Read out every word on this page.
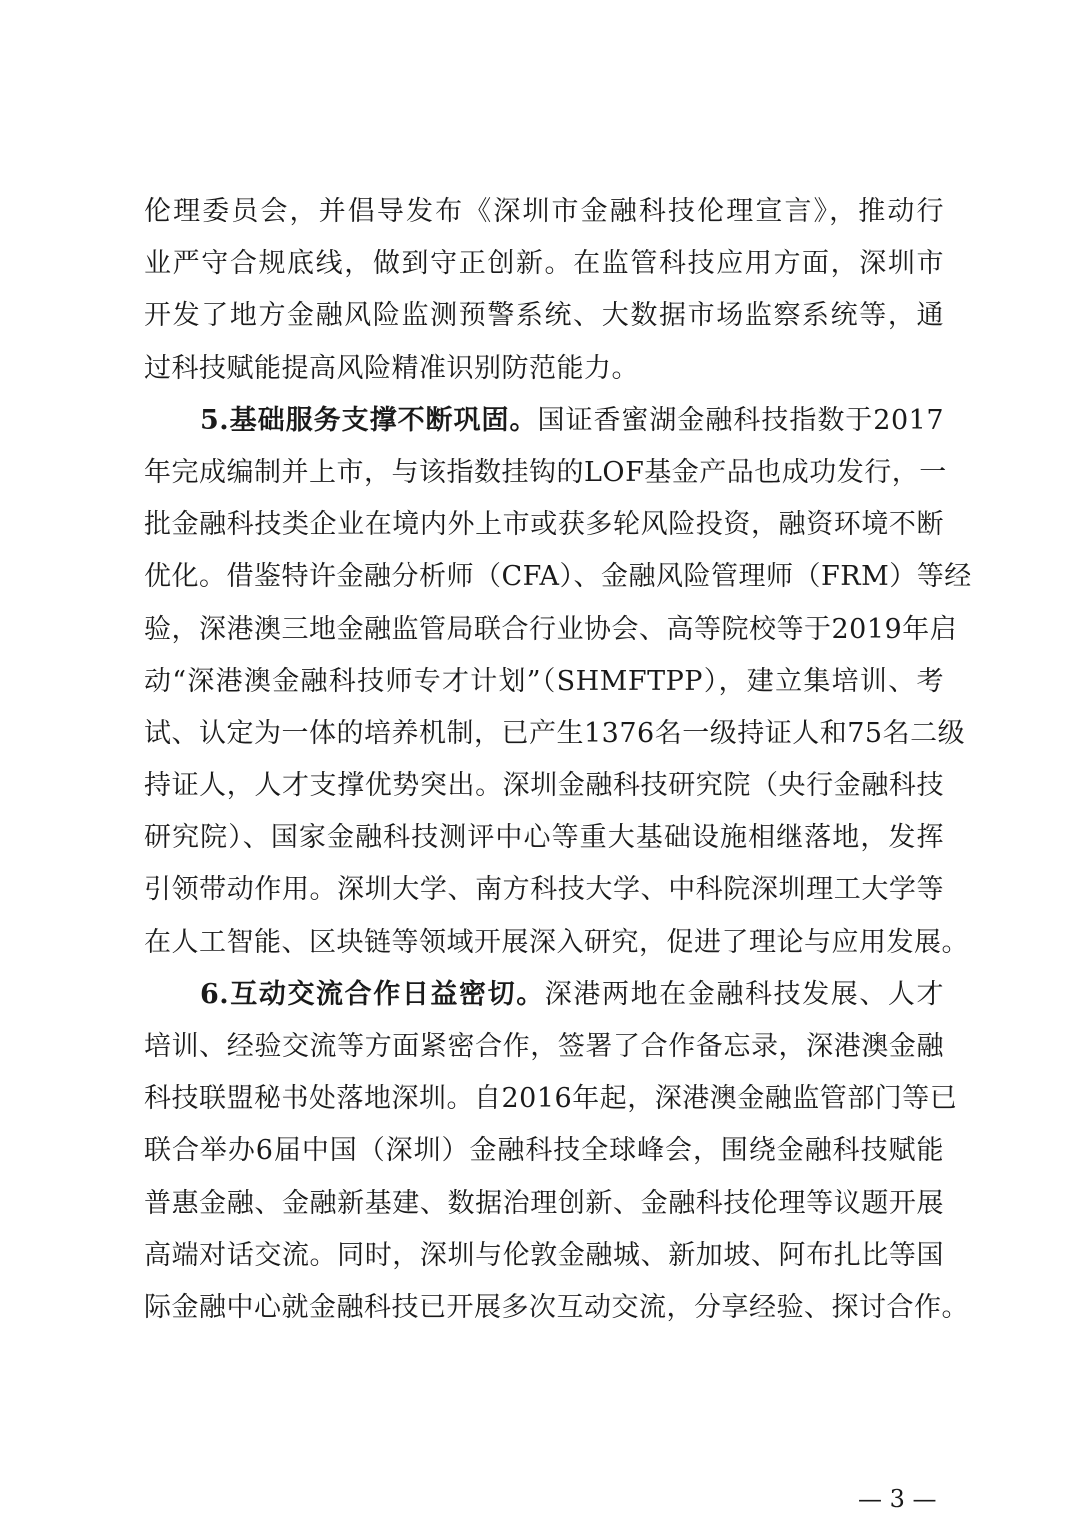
伦理委员会，并倡导发布《深圳市金融科技伦理宣言》，推动行
业严守合规底线，做到守正创新。在监管科技应用方面，深圳市
开发了地方金融风险监测预警系统、大数据市场监察系统等，通
过科技赋能提高风险精准识别防范能力。
5.基础服务支撑不断巩固。国证香蜜湖金融科技指数于2017
年完成编制并上市，与该指数挂钩的LOF基金产品也成功发行，一
批金融科技类企业在境内外上市或获多轮风险投资，融资环境不断
优化。借鉴特许金融分析师（CFA）、金融风险管理师（FRM）等经
验，深港澳三地金融监管局联合行业协会、高等院校等于2019年启
动“深港澳金融科技师专才计划”（SHMFTPP），建立集培训、考
试、认定为一体的培养机制，已产生1376名一级持证人和75名二级
持证人，人才支撑优势突出。深圳金融科技研究院（央行金融科技
研究院）、国家金融科技测评中心等重大基础设施相继落地，发挥
引领带动作用。深圳大学、南方科技大学、中科院深圳理工大学等
在人工智能、区块链等领域开展深入研究，促进了理论与应用发展。
6.互动交流合作日益密切。深港两地在金融科技发展、人才
培训、经验交流等方面紧密合作，签署了合作备忘录，深港澳金融
科技联盟秘书处落地深圳。自2016年起，深港澳金融监管部门等已
联合举办6届中国（深圳）金融科技全球峰会，围绕金融科技赋能
普惠金融、金融新基建、数据治理创新、金融科技伦理等议题开展
高端对话交流。同时，深圳与伦敦金融城、新加坡、阿布扎比等国
际金融中心就金融科技已开展多次互动交流，分享经验、探讨合作。
— 3 —
